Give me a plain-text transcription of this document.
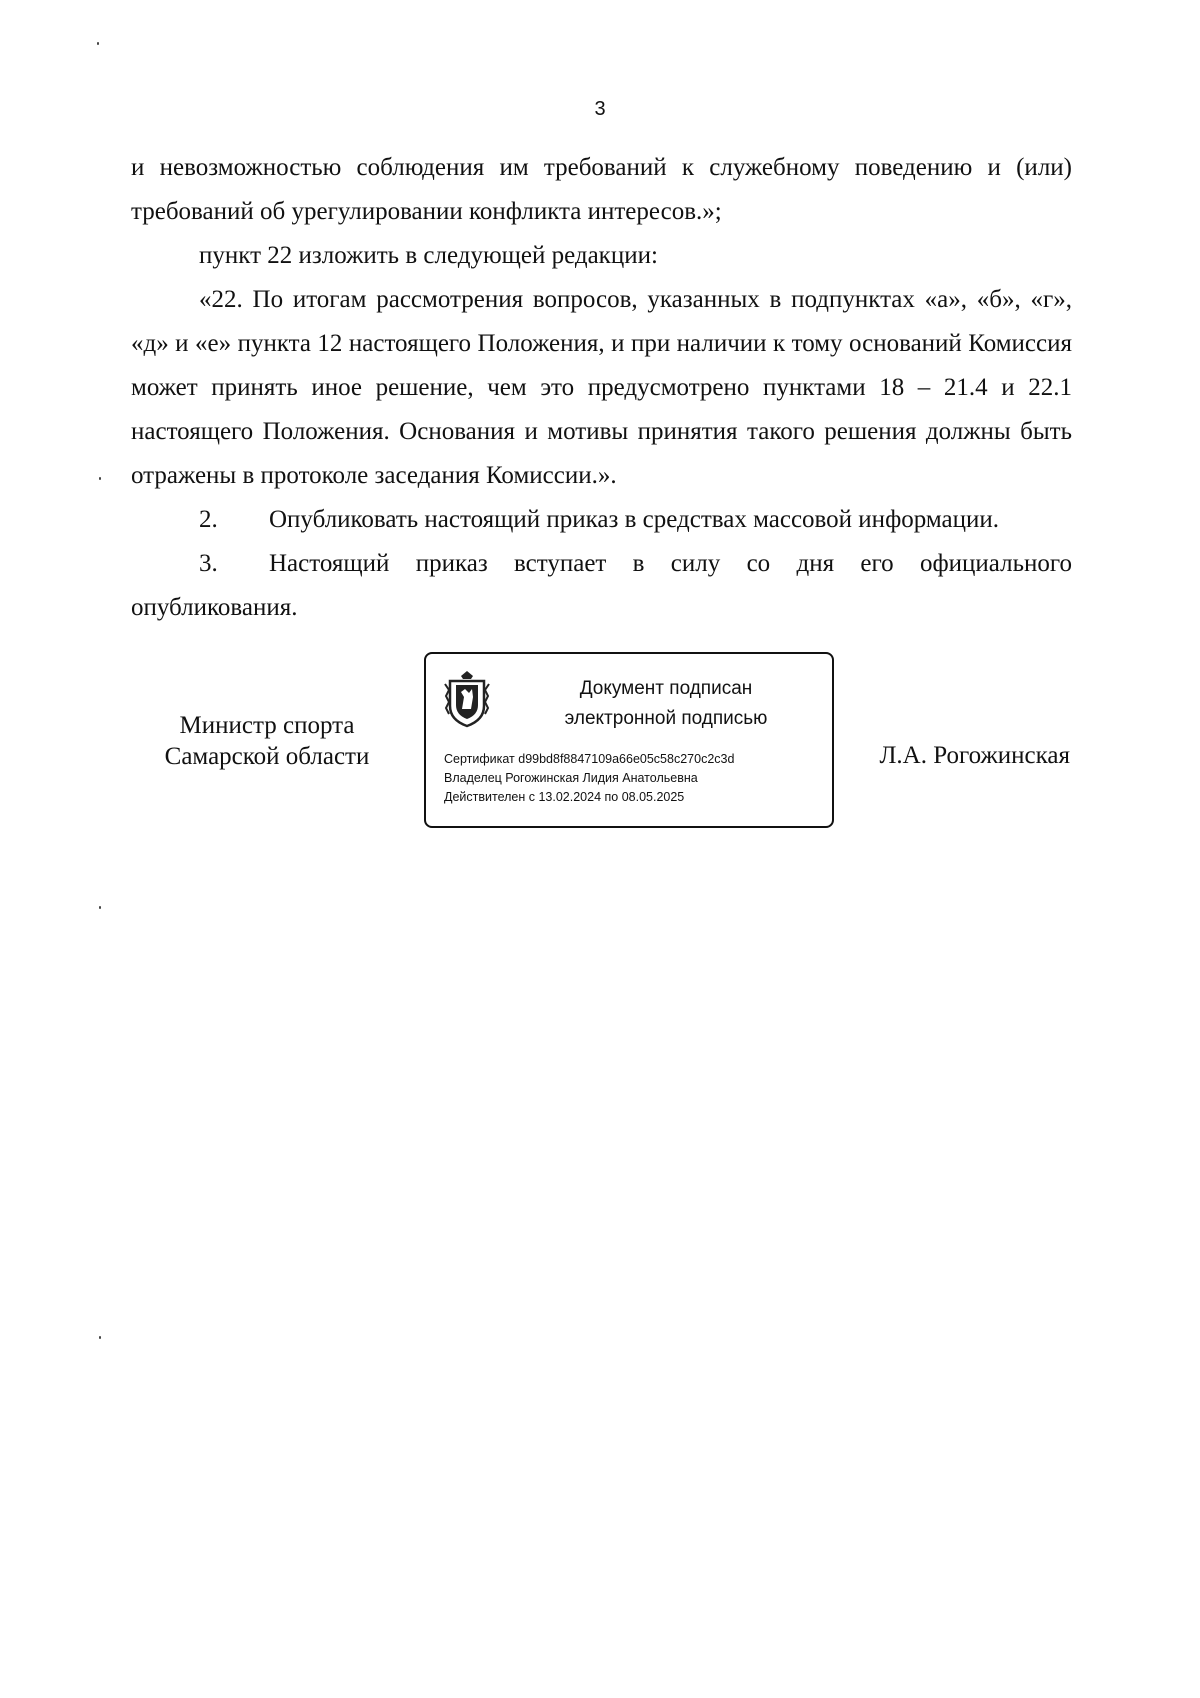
3

и невозможностью соблюдения им требований к служебному поведению и (или)

требований об урегулировании конфликта интересов.»;

пункт 22 изложить в следующей редакции:

«22. По итогам рассмотрения вопросов, указанных в подпунктах «а», «б», «г», «д» и «е» пункта 12 настоящего Положения, и при наличии к тому оснований Комиссия может принять иное решение, чем это предусмотрено пунктами 18 – 21.4 и 22.1 настоящего Положения. Основания и мотивы принятия такого решения должны быть отражены в протоколе заседания Комиссии.».

2.	Опубликовать настоящий приказ в средствах массовой информации.
3.	Настоящий приказ вступает в силу со дня его официального

опубликования.

Министр спорта
Самарской области
Документ подписан
электронной подписью
Сертификат d99bd8f8847109a66e05c58c270c2c3d
Владелец Рогожинская Лидия Анатольевна
Действителен с 13.02.2024 по 08.05.2025
Л.А. Рогожинская
